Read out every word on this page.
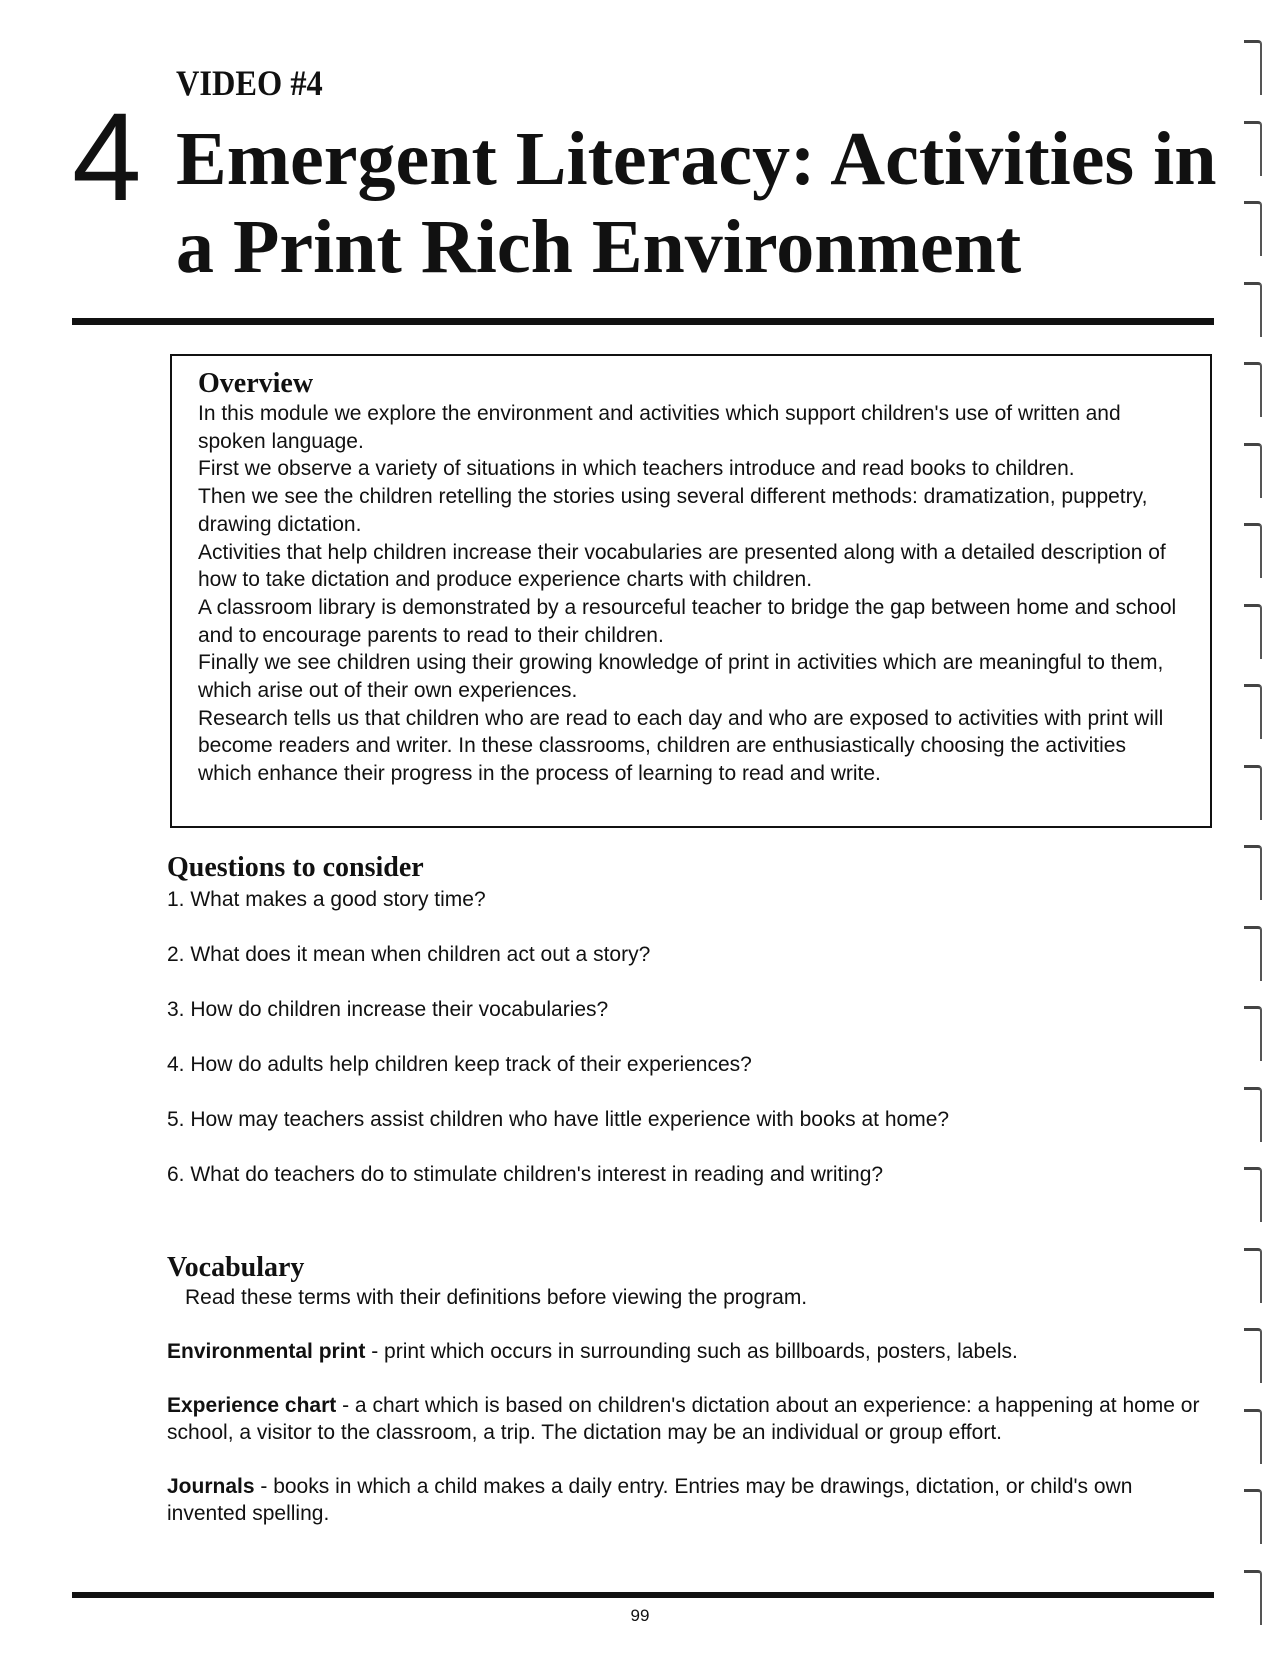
VIDEO #4
4 Emergent Literacy: Activities in a Print Rich Environment

Overview

In this module we explore the environment and activities which support children's use of written and spoken language.

First we observe a variety of situations in which teachers introduce and read books to children.

Then we see the children retelling the stories using several different methods: dramatization, puppetry, drawing dictation.

Activities that help children increase their vocabularies are presented along with a detailed description of how to take dictation and produce experience charts with children.

A classroom library is demonstrated by a resourceful teacher to bridge the gap between home and school and to encourage parents to read to their children.

Finally we see children using their growing knowledge of print in activities which are meaningful to them, which arise out of their own experiences.

Research tells us that children who are read to each day and who are exposed to activities with print will become readers and writer. In these classrooms, children are enthusiastically choosing the activities which enhance their progress in the process of learning to read and write.

Questions to consider

1. What makes a good story time?

2. What does it mean when children act out a story?

3. How do children increase their vocabularies?

4. How do adults help children keep track of their experiences?

5. How may teachers assist children who have little experience with books at home?

6. What do teachers do to stimulate children's interest in reading and writing?

Vocabulary

Read these terms with their definitions before viewing the program.

Environmental print - print which occurs in surrounding such as billboards, posters, labels.

Experience chart - a chart which is based on children's dictation about an experience: a happening at home or school, a visitor to the classroom, a trip. The dictation may be an individual or group effort.

Journals - books in which a child makes a daily entry. Entries may be drawings, dictation, or child's own invented spelling.

99
